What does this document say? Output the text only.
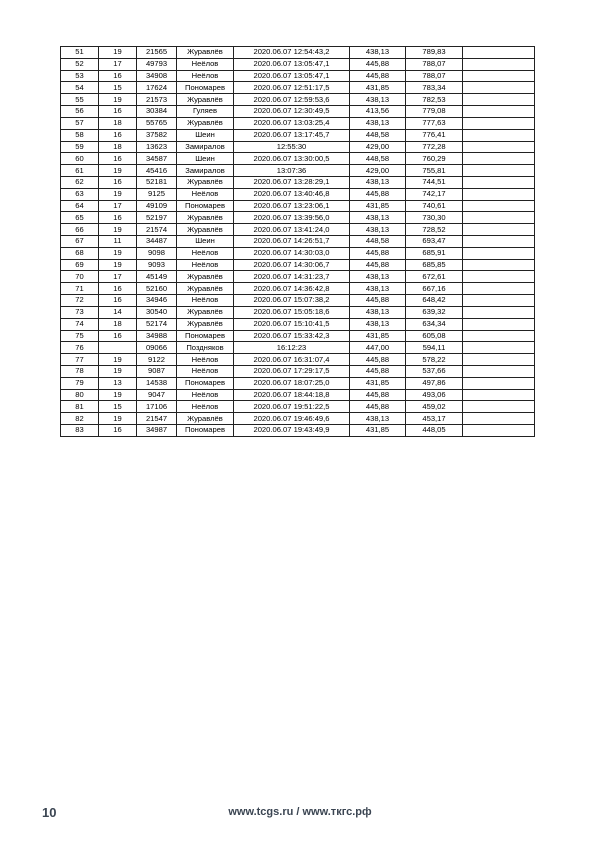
51	19	21565	Журавлёв	2020.06.07 12:54:43,2	438,13	789,83	
52	17	49793	Неёлов	2020.06.07 13:05:47,1	445,88	788,07	
53	16	34908	Неёлов	2020.06.07 13:05:47,1	445,88	788,07	
54	15	17624	Пономарев	2020.06.07 12:51:17,5	431,85	783,34	
55	19	21573	Журавлёв	2020.06.07 12:59:53,6	438,13	782,53	
56	16	30384	Гуляев	2020.06.07 12:30:49,5	413,56	779,08	
57	18	55765	Журавлёв	2020.06.07 13:03:25,4	438,13	777,63	
58	16	37582	Шеин	2020.06.07 13:17:45,7	448,58	776,41	
59	18	13623	Замиралов	12:55:30	429,00	772,28	
60	16	34587	Шеин	2020.06.07 13:30:00,5	448,58	760,29	
61	19	45416	Замиралов	13:07:36	429,00	755,81	
62	16	52181	Журавлёв	2020.06.07 13:28:29,1	438,13	744,51	
63	19	9125	Неёлов	2020.06.07 13:40:46,8	445,88	742,17	
64	17	49109	Пономарев	2020.06.07 13:23:06,1	431,85	740,61	
65	16	52197	Журавлёв	2020.06.07 13:39:56,0	438,13	730,30	
66	19	21574	Журавлёв	2020.06.07 13:41:24,0	438,13	728,52	
67	11	34487	Шеин	2020.06.07 14:26:51,7	448,58	693,47	
68	19	9098	Неёлов	2020.06.07 14:30:03,0	445,88	685,91	
69	19	9093	Неёлов	2020.06.07 14:30:06,7	445,88	685,85	
70	17	45149	Журавлёв	2020.06.07 14:31:23,7	438,13	672,61	
71	16	52160	Журавлёв	2020.06.07 14:36:42,8	438,13	667,16	
72	16	34946	Неёлов	2020.06.07 15:07:38,2	445,88	648,42	
73	14	30540	Журавлёв	2020.06.07 15:05:18,6	438,13	639,32	
74	18	52174	Журавлёв	2020.06.07 15:10:41,5	438,13	634,34	
75	16	34988	Пономарев	2020.06.07 15:33:42,3	431,85	605,08	
76		09066	Поздняков	16:12:23	447,00	594,11	
77	19	9122	Неёлов	2020.06.07 16:31:07,4	445,88	578,22	
78	19	9087	Неёлов	2020.06.07 17:29:17,5	445,88	537,66	
79	13	14538	Пономарев	2020.06.07 18:07:25,0	431,85	497,86	
80	19	9047	Неёлов	2020.06.07 18:44:18,8	445,88	493,06	
81	15	17106	Неёлов	2020.06.07 19:51:22,5	445,88	459,02	
82	19	21547	Журавлёв	2020.06.07 19:46:49,6	438,13	453,17	
83	16	34987	Пономарев	2020.06.07 19:43:49,9	431,85	448,05	
10	www.tcgs.ru / www.ткгс.рф
